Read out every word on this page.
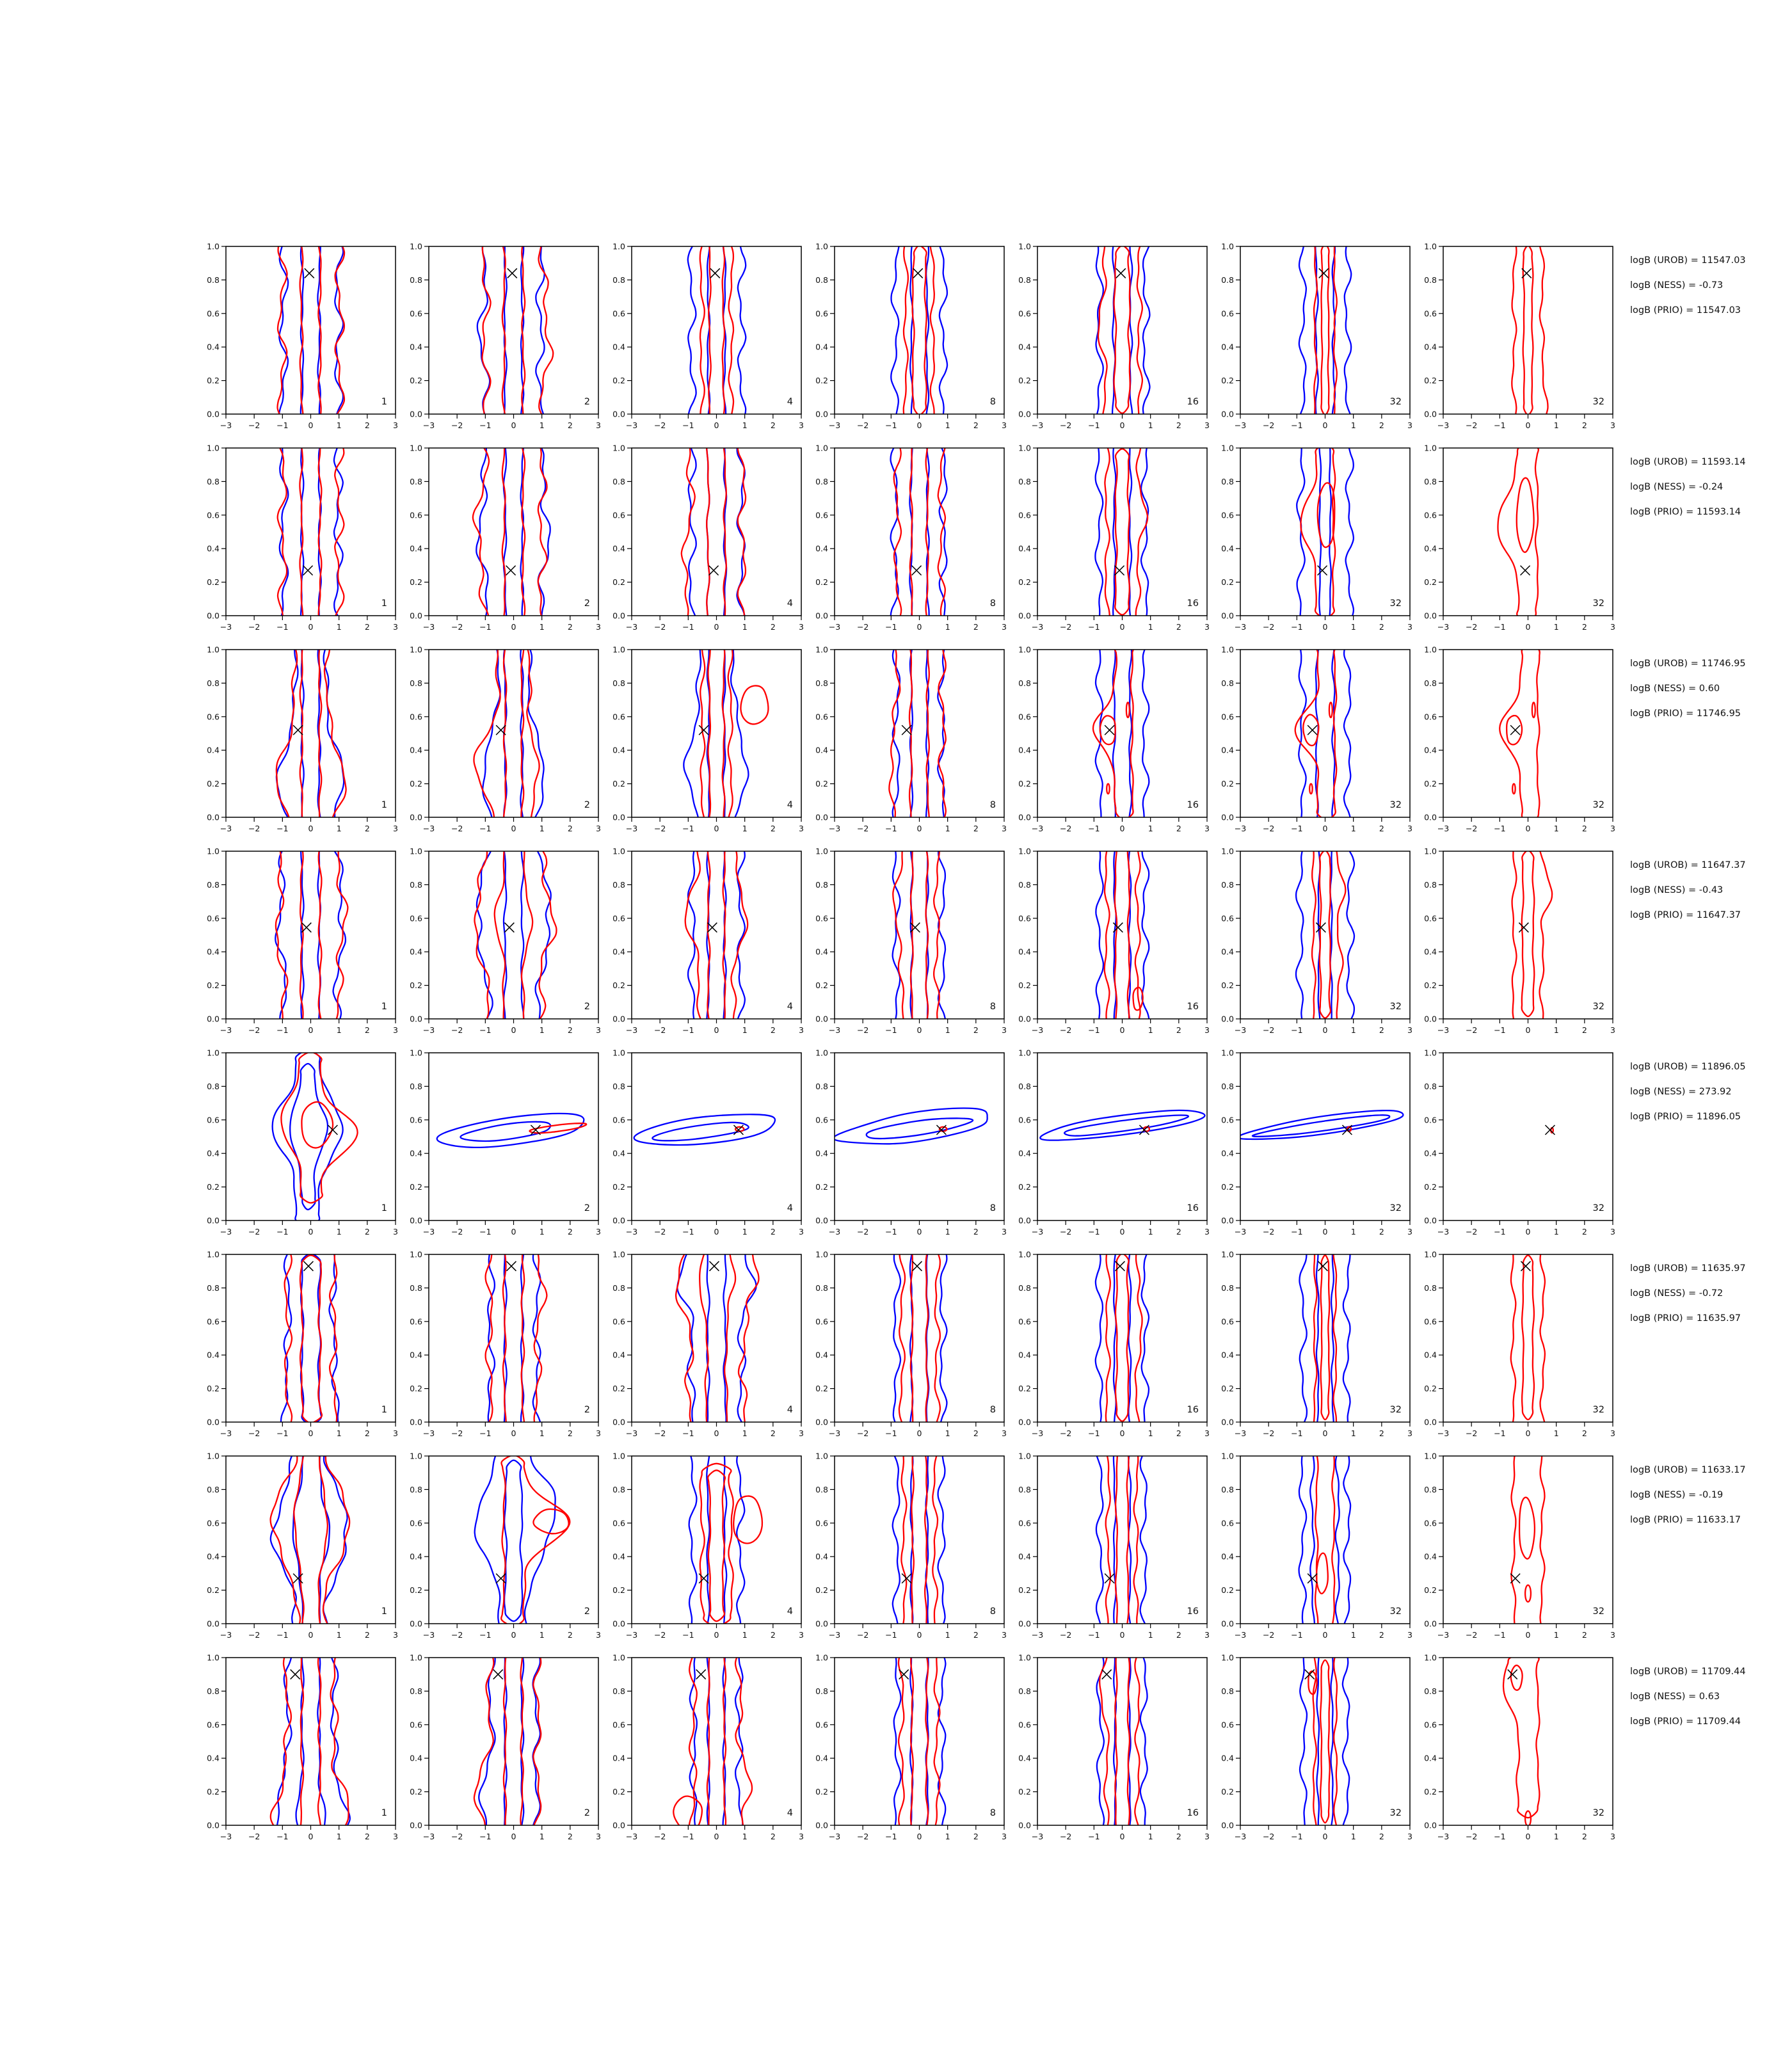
1.0
0.8
0.6
0.4
0.2
0.0
−3 −2 −1 0	1	2	3
1
1.0
0.8
0.6
0.4
0.2
0.0
−3 −2 −1 0	1	2	3
2
1.0
0.8
0.6
0.4
0.2
0.0
−3 −2 −1 0	1	2	3
4
1.0
0.8
0.6
0.4
0.2
0.0
−3 −2 −1 0	1	2	3
8
1.0
0.8
0.6
0.4
0.2
0.0
−3 −2 −1 0	1	2	3
16
1.0
0.8
0.6
0.4
0.2
0.0
−3 −2 −1 0	1	2	3
32
1.0
0.8
0.6
0.4
0.2
0.0
−3 −2 −1 0	1	2	3
32
1.0
0.8
0.6
0.4
0.2
0.0
−3 −2 −1 0	1	2	3
1
1.0
0.8
0.6
0.4
0.2
0.0
−3 −2 −1 0	1	2	3
2
1.0
0.8
0.6
0.4
0.2
0.0
−3 −2 −1 0	1	2	3
4
1.0
0.8
0.6
0.4
0.2
0.0
−3 −2 −1 0	1	2	3
8
1.0
0.8
0.6
0.4
0.2
0.0
−3 −2 −1 0	1	2	3
16
1.0
0.8
0.6
0.4
0.2
0.0
−3 −2 −1 0	1	2	3
32
1.0
0.8
0.6
0.4
0.2
0.0
−3 −2 −1 0	1	2	3
32
1.0
0.8
0.6
0.4
0.2
0.0
−3 −2 −1 0	1	2	3
1
1.0
0.8
0.6
0.4
0.2
0.0
−3 −2 −1 0	1	2	3
2
1.0
0.8
0.6
0.4
0.2
0.0
−3 −2 −1 0	1	2	3
4
1.0
0.8
0.6
0.4
0.2
0.0
−3 −2 −1 0	1	2	3
8
1.0
0.8
0.6
0.4
0.2
0.0
−3 −2 −1 0	1	2	3
16
1.0
0.8
0.6
0.4
0.2
0.0
−3 −2 −1 0	1	2	3
32
1.0
0.8
0.6
0.4
0.2
0.0
−3 −2 −1 0	1	2	3
32
1.0
0.8
0.6
0.4
0.2
0.0
−3 −2 −1 0	1	2	3
1
1.0
0.8
0.6
0.4
0.2
0.0
−3 −2 −1 0	1	2	3
2
1.0
0.8
0.6
0.4
0.2
0.0
−3 −2 −1 0	1	2	3
4
1.0
0.8
0.6
0.4
0.2
0.0
−3 −2 −1 0	1	2	3
8
1.0
0.8
0.6
0.4
0.2
0.0
−3 −2 −1 0	1	2	3
16
1.0
0.8
0.6
0.4
0.2
0.0
−3 −2 −1 0	1	2	3
32
1.0
0.8
0.6
0.4
0.2
0.0
−3 −2 −1 0	1	2	3
32
1.0
0.8
0.6
0.4
0.2
0.0
−3 −2 −1 0	1	2	3
1
1.0
0.8
0.6
0.4
0.2
0.0
−3 −2 −1 0	1	2	3
2
1.0
0.8
0.6
0.4
0.2
0.0
−3 −2 −1 0	1	2	3
4
1.0
0.8
0.6
0.4
0.2
0.0
−3 −2 −1 0	1	2	3
8
1.0
0.8
0.6
0.4
0.2
0.0
−3 −2 −1 0	1	2	3
16
1.0
0.8
0.6
0.4
0.2
0.0
−3 −2 −1 0	1	2	3
32
1.0
0.8
0.6
0.4
0.2
0.0
−3 −2 −1 0	1	2	3
32
1.0
0.8
0.6
0.4
0.2
0.0
−3 −2 −1 0	1	2	3
1
1.0
0.8
0.6
0.4
0.2
0.0
−3 −2 −1 0	1	2	3
2
1.0
0.8
0.6
0.4
0.2
0.0
−3 −2 −1 0	1	2	3
4
1.0
0.8
0.6
0.4
0.2
0.0
−3 −2 −1 0	1	2	3
8
1.0
0.8
0.6
0.4
0.2
0.0
−3 −2 −1 0	1	2	3
16
1.0
0.8
0.6
0.4
0.2
0.0
−3 −2 −1 0	1	2	3
32
1.0
0.8
0.6
0.4
0.2
0.0
−3 −2 −1 0	1	2	3
32
1.0
0.8
0.6
0.4
0.2
0.0
−3 −2 −1 0	1	2	3
1
1.0
0.8
0.6
0.4
0.2
0.0
−3 −2 −1 0	1	2	3
2
1.0
0.8
0.6
0.4
0.2
0.0
−3 −2 −1 0	1	2	3
4
1.0
0.8
0.6
0.4
0.2
0.0
−3 −2 −1 0	1	2	3
8
1.0
0.8
0.6
0.4
0.2
0.0
−3 −2 −1 0	1	2	3
16
1.0
0.8
0.6
0.4
0.2
0.0
−3 −2 −1 0	1	2	3
32
1.0
0.8
0.6
0.4
0.2
0.0
−3 −2 −1 0	1	2	3
32
1.0
0.8
0.6
0.4
0.2
0.0
−3 −2 −1 0	1	2	3
1
1.0
0.8
0.6
0.4
0.2
0.0
−3 −2 −1 0	1	2	3
2
1.0
0.8
0.6
0.4
0.2
0.0
−3 −2 −1 0	1	2	3
4
1.0
0.8
0.6
0.4
0.2
0.0
−3 −2 −1 0	1	2	3
8
1.0
0.8
0.6
0.4
0.2
0.0
−3 −2 −1 0	1	2	3
16
1.0
0.8
0.6
0.4
0.2
0.0
−3 −2 −1 0	1	2	3
32
1.0
0.8
0.6
0.4
0.2
0.0
−3 −2 −1 0	1	2	3
32
logB (UROB) = 11547.03
logB (NESS) = -0.73
logB (PRIO) = 11547.03
logB (UROB) = 11593.14
logB (NESS) = -0.24
logB (PRIO) = 11593.14
logB (UROB) = 11746.95
logB (NESS) = 0.60
logB (PRIO) = 11746.95
logB (UROB) = 11647.37
logB (NESS) = -0.43
logB (PRIO) = 11647.37
logB (UROB) = 11896.05
logB (NESS) = 273.92
logB (PRIO) = 11896.05
logB (UROB) = 11635.97
logB (NESS) = -0.72
logB (PRIO) = 11635.97
logB (UROB) = 11633.17
logB (NESS) = -0.19
logB (PRIO) = 11633.17
logB (UROB) = 11709.44
logB (NESS) = 0.63
logB (PRIO) = 11709.44
